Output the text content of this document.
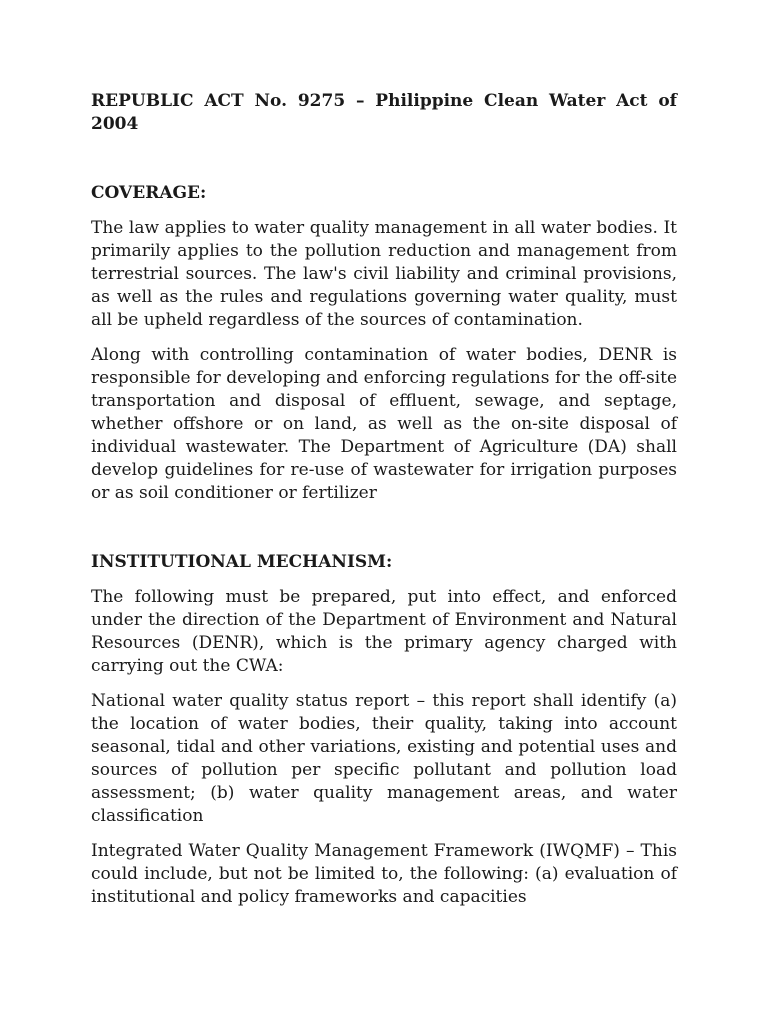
REPUBLIC ACT No. 9275 – Philippine Clean Water Act of 2004

COVERAGE:

The law applies to water quality management in all water bodies. It primarily applies to the pollution reduction and management from terrestrial sources. The law's civil liability and criminal provisions, as well as the rules and regulations governing water quality, must all be upheld regardless of the sources of contamination.

Along with controlling contamination of water bodies, DENR is responsible for developing and enforcing regulations for the off-site transportation and disposal of effluent, sewage, and septage, whether offshore or on land, as well as the on-site disposal of individual wastewater. The Department of Agriculture (DA) shall develop guidelines for re-use of wastewater for irrigation purposes or as soil conditioner or fertilizer

INSTITUTIONAL MECHANISM:

The following must be prepared, put into effect, and enforced under the direction of the Department of Environment and Natural Resources (DENR), which is the primary agency charged with carrying out the CWA:

National water quality status report – this report shall identify (a) the location of water bodies, their quality, taking into account seasonal, tidal and other variations, existing and potential uses and sources of pollution per specific pollutant and pollution load assessment; (b) water quality management areas, and water classification

Integrated Water Quality Management Framework (IWQMF) – This could include, but not be limited to, the following: (a) evaluation of institutional and policy frameworks and capacities
